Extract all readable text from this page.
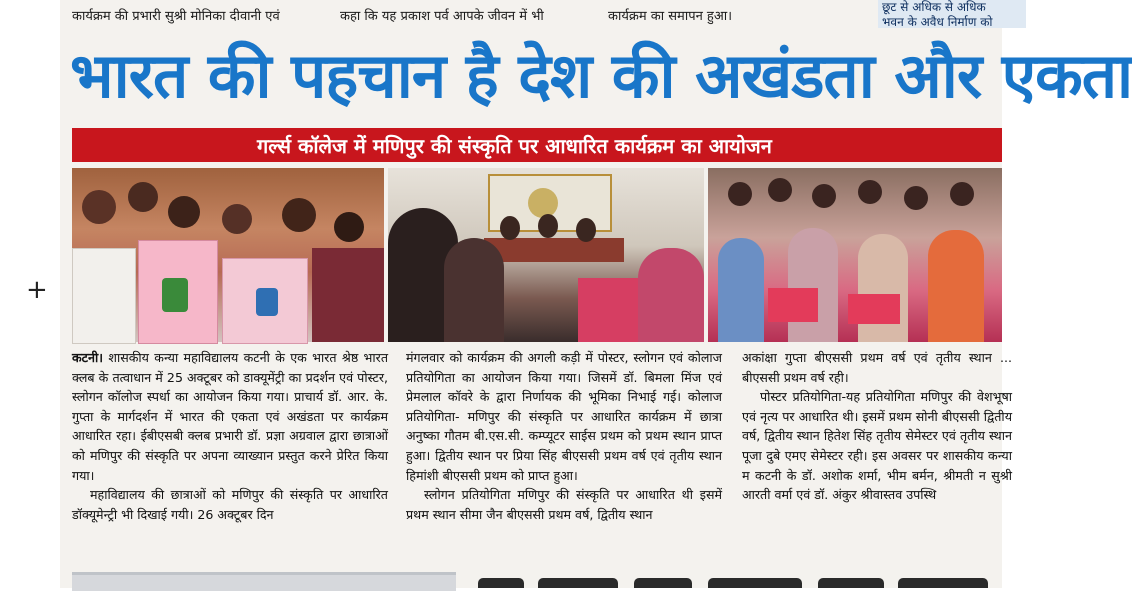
+
कार्यक्रम की प्रभारी सुश्री मोनिका दीवानी एवं	कहा कि यह प्रकाश पर्व आपके जीवन में भी	कार्यक्रम का समापन हुआ।
छूट से अधिक से अधिक
भवन के अवैध निर्माण को
भारत की पहचान है देश की अखंडता और एकता
गर्ल्स कॉलेज में मणिपुर की संस्कृति पर आधारित कार्यक्रम का आयोजन

कटनी। शासकीय कन्या महाविद्यालय कटनी के एक भारत श्रेष्ठ भारत क्लब के तत्वाधान में 25 अक्टूबर को डाक्यूमेंट्री का प्रदर्शन एवं पोस्टर, स्लोगन कॉलोज स्पर्धा का आयोजन किया गया। प्राचार्य डॉ. आर. के. गुप्ता के मार्गदर्शन में भारत की एकता एवं अखंडता पर कार्यक्रम आधारित रहा। ईबीएसबी क्लब प्रभारी डॉ. प्रज्ञा अग्रवाल द्वारा छात्राओं को मणिपुर की संस्कृति पर अपना व्याख्यान प्रस्तुत करने प्रेरित किया गया।

महाविद्यालय की छात्राओं को मणिपुर की संस्कृति पर आधारित डॉक्यूमेन्ट्री भी दिखाई गयी। 26 अक्टूबर दिन

मंगलवार को कार्यक्रम की अगली कड़ी में पोस्टर, स्लोगन एवं कोलाज प्रतियोगिता का आयोजन किया गया। जिसमें डॉ. बिमला मिंज एवं प्रेमलाल कॉवरे के द्वारा निर्णायक की भूमिका निभाई गई। कोलाज प्रतियोगिता- मणिपुर की संस्कृति पर आधारित कार्यक्रम में छात्रा अनुष्का गौतम बी.एस.सी. कम्प्यूटर साईस प्रथम को प्रथम स्थान प्राप्त हुआ। द्वितीय स्थान पर प्रिया सिंह बीएससी प्रथम वर्ष एवं तृतीय स्थान हिमांशी बीएससी प्रथम को प्राप्त हुआ।

स्लोगन प्रतियोगिता मणिपुर की संस्कृति पर आधारित थी इसमें प्रथम स्थान सीमा जैन बीएससी प्रथम वर्ष, द्वितीय स्थान

अकांक्षा गुप्ता बीएससी प्रथम वर्ष एवं तृतीय स्थान ... बीएससी प्रथम वर्ष रही।

पोस्टर प्रतियोगिता-यह प्रतियोगिता मणिपुर की वेशभूषा एवं नृत्य पर आधारित थी। इसमें प्रथम सोनी बीएससी द्वितीय वर्ष, द्वितीय स्थान हितेश सिंह तृतीय सेमेस्टर एवं तृतीय स्थान पूजा दुबे एमए सेमेस्टर रही। इस अवसर पर शासकीय कन्या म कटनी के डॉ. अशोक शर्मा, भीम बर्मन, श्रीमती न सुश्री आरती वर्मा एवं डॉ. अंकुर श्रीवास्तव उपस्थि
